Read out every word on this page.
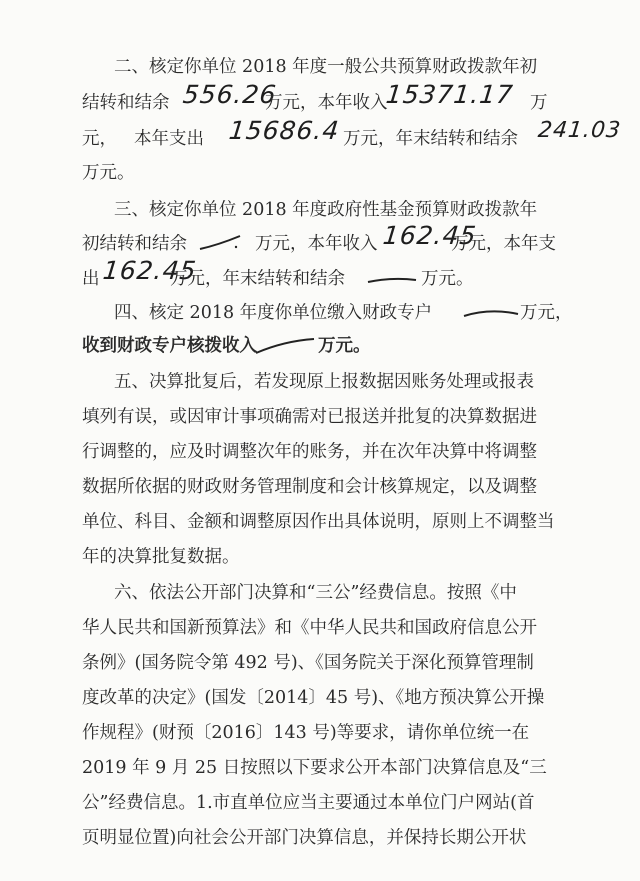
二、核定你单位 2018 年度一般公共预算财政拨款年初
结转和结余 556.26
万元，本年收入
15371.17 万
元， 本年支出 15686.4 万元，年末结转和结余 241.03
万元。
三、核定你单位 2018 年度政府性基金预算财政拨款年
初结转和结余	万元，本年收入 162.45
万元，本年支
出 162.45
万元，年末结转和结余	万元。
四、核定 2018 年度你单位缴入财政专户	万元，
收到财政专户核拨收入	万元。
五、决算批复后，若发现原上报数据因账务处理或报表
填列有误，或因审计事项确需对已报送并批复的决算数据进
行调整的，应及时调整次年的账务，并在次年决算中将调整
数据所依据的财政财务管理制度和会计核算规定，以及调整
单位、科目、金额和调整原因作出具体说明，原则上不调整当
年的决算批复数据。
六、依法公开部门决算和“三公”经费信息。按照《中
华人民共和国新预算法》和《中华人民共和国政府信息公开
条例》(国务院令第 492 号)、《国务院关于深化预算管理制
度改革的决定》(国发〔2014〕45 号)、《地方预决算公开操
作规程》(财预〔2016〕143 号)等要求，请你单位统一在
2019 年 9 月 25 日按照以下要求公开本部门决算信息及“三
公”经费信息。1.市直单位应当主要通过本单位门户网站(首
页明显位置)向社会公开部门决算信息，并保持长期公开状
